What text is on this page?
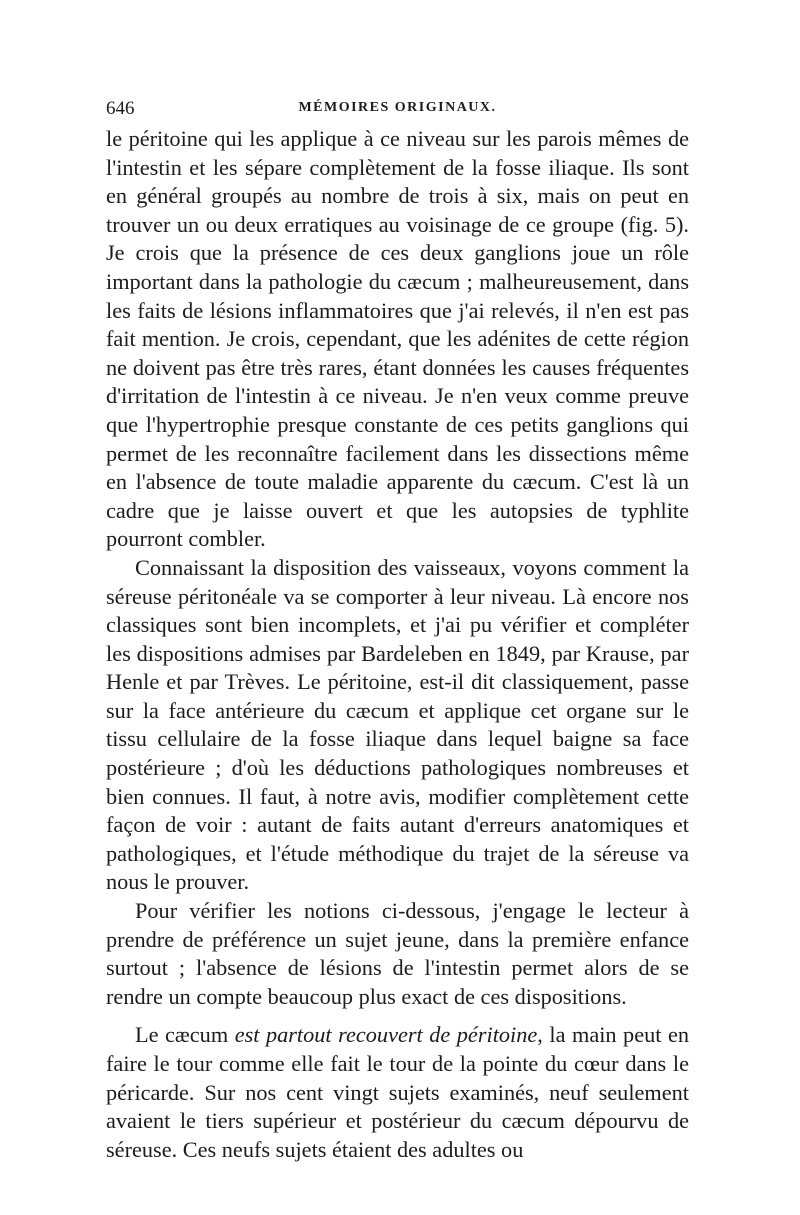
646	MÉMOIRES ORIGINAUX.

le péritoine qui les applique à ce niveau sur les parois mêmes de l'intestin et les sépare complètement de la fosse iliaque. Ils sont en général groupés au nombre de trois à six, mais on peut en trouver un ou deux erratiques au voisinage de ce groupe (fig. 5). Je crois que la présence de ces deux ganglions joue un rôle important dans la pathologie du cæcum ; malheureusement, dans les faits de lésions inflammatoires que j'ai relevés, il n'en est pas fait mention. Je crois, cependant, que les adénites de cette région ne doivent pas être très rares, étant données les causes fréquentes d'irritation de l'intestin à ce niveau. Je n'en veux comme preuve que l'hypertrophie presque constante de ces petits ganglions qui permet de les reconnaître facilement dans les dissections même en l'absence de toute maladie apparente du cæcum. C'est là un cadre que je laisse ouvert et que les autopsies de typhlite pourront combler.

Connaissant la disposition des vaisseaux, voyons comment la séreuse péritonéale va se comporter à leur niveau. Là encore nos classiques sont bien incomplets, et j'ai pu vérifier et compléter les dispositions admises par Bardeleben en 1849, par Krause, par Henle et par Trèves. Le péritoine, est-il dit classiquement, passe sur la face antérieure du cæcum et applique cet organe sur le tissu cellulaire de la fosse iliaque dans lequel baigne sa face postérieure ; d'où les déductions pathologiques nombreuses et bien connues. Il faut, à notre avis, modifier complètement cette façon de voir : autant de faits autant d'erreurs anatomiques et pathologiques, et l'étude méthodique du trajet de la séreuse va nous le prouver.

Pour vérifier les notions ci-dessous, j'engage le lecteur à prendre de préférence un sujet jeune, dans la première enfance surtout ; l'absence de lésions de l'intestin permet alors de se rendre un compte beaucoup plus exact de ces dispositions.

Le cæcum est partout recouvert de péritoine, la main peut en faire le tour comme elle fait le tour de la pointe du cœur dans le péricarde. Sur nos cent vingt sujets examinés, neuf seulement avaient le tiers supérieur et postérieur du cæcum dépourvu de séreuse. Ces neufs sujets étaient des adultes ou
